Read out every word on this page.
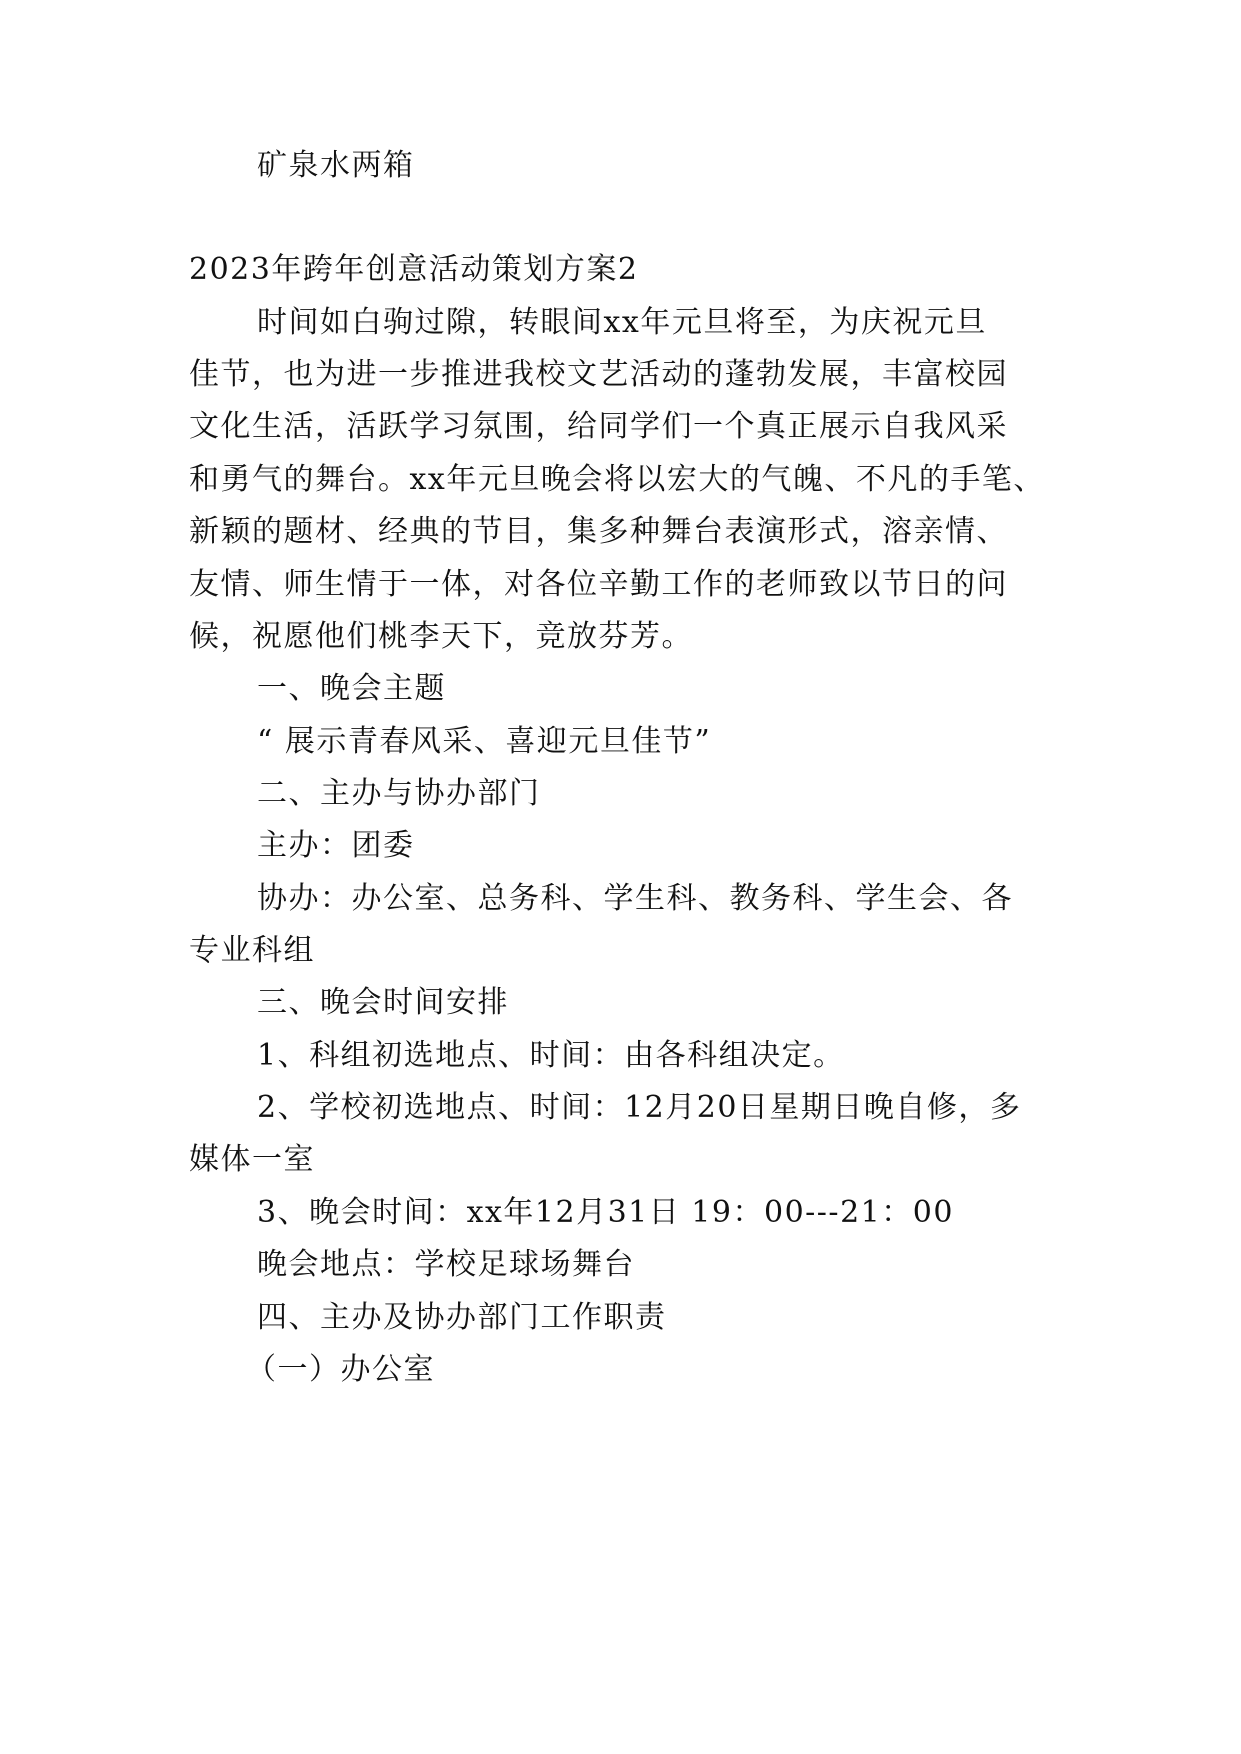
矿泉水两箱
2023年跨年创意活动策划方案2
时间如白驹过隙，转眼间xx年元旦将至，为庆祝元旦
佳节，也为进一步推进我校文艺活动的蓬勃发展，丰富校园
文化生活，活跃学习氛围，给同学们一个真正展示自我风采
和勇气的舞台。xx年元旦晚会将以宏大的气魄、不凡的手笔、
新颖的题材、经典的节目，集多种舞台表演形式，溶亲情、
友情、师生情于一体，对各位辛勤工作的老师致以节日的问
候，祝愿他们桃李天下，竞放芬芳。
一、晚会主题
“ 展示青春风采、喜迎元旦佳节”
二、主办与协办部门
主办：团委
协办：办公室、总务科、学生科、教务科、学生会、各
专业科组
三、晚会时间安排
1、科组初选地点、时间：由各科组决定。
2、学校初选地点、时间：12月20日星期日晚自修，多
媒体一室
3、晚会时间：xx年12月31日 19：00---21：00
晚会地点：学校足球场舞台
四、主办及协办部门工作职责
（一）办公室
